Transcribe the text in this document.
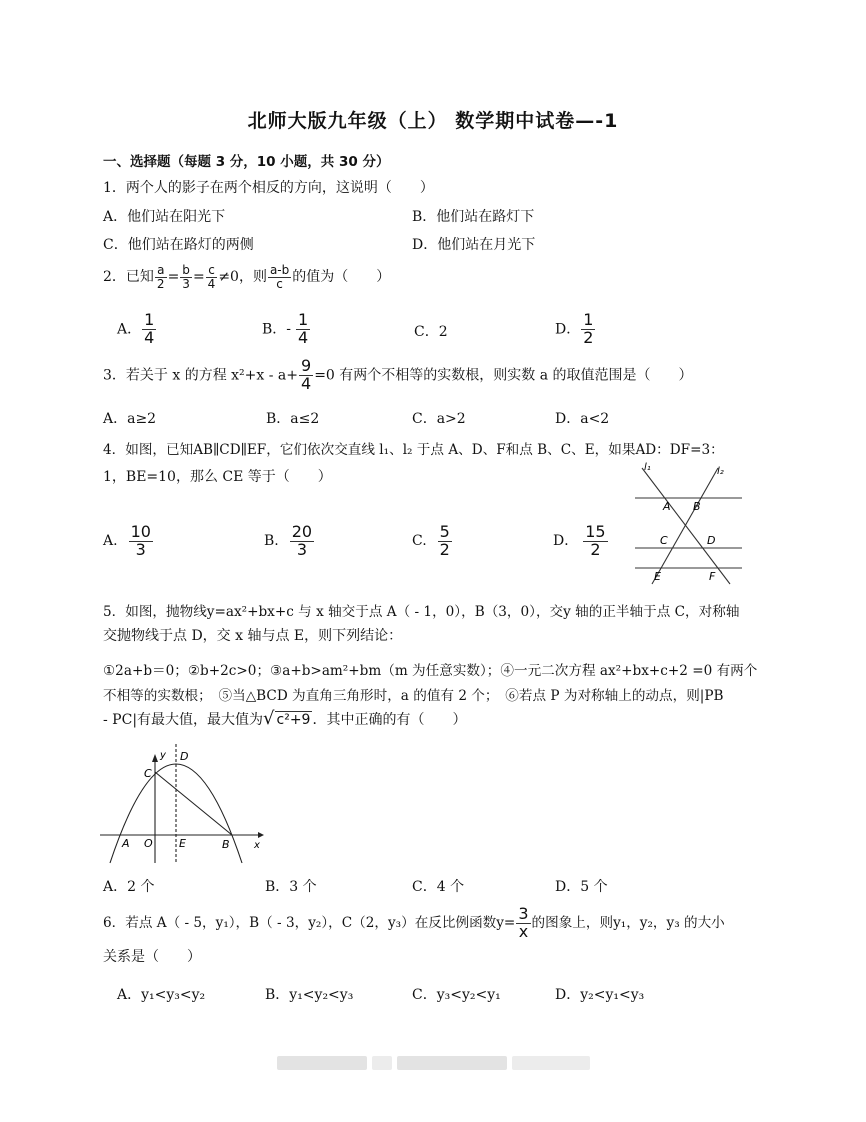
北师大版九年级（上） 数学期中试卷—-1
一、选择题（每题 3 分，10 小题，共 30 分）
1．两个人的影子在两个相反的方向，这说明（　　）
A．他们站在阳光下	B．他们站在路灯下
C．他们站在路灯的两侧	D．他们站在月光下
2．已知 $\frac{a}{2} = \frac{b}{3} = \frac{c}{4} \ne 0$，则 $\frac{a-b}{c}$ 的值为（　　）
A． $\frac{1}{4}$	B．- $\frac{1}{4}$	C．2	D． $\frac{1}{2}$
3．若关于 x 的方程 $x^2+x - a+ \frac{9}{4} =0$ 有两个不相等的实数根，则实数 a 的取值范围是（　　）
A．a≥2	B．a≤2	C．a>2	D．a<2
4．如图，已知AB∥CD∥EF，它们依次交直线 l₁、l₂ 于点 A、D、F和点 B、C、E，如果AD：DF=3：
1，BE=10，那么 CE 等于（　　）
A. $\frac{10}{3}$	B. $\frac{20}{3}$	C. $\frac{5}{2}$	D． $\frac{15}{2}$
l₁	l₂
A B
C	D
E	F
5．如图，抛物线y=ax²+bx+c 与 x 轴交于点 A（ - 1，0），B（3，0），交y 轴的正半轴于点 C，对称轴
交抛物线于点 D，交 x 轴与点 E，则下列结论：
①2a+b＝0；②b+2c>0；③a+b>am²+bm（m 为任意实数）；④一元二次方程 ax²+bx+c+2 =0 有两个
不相等的实数根；　⑤当△BCD 为直角三角形时，a 的值有 2 个；　⑥若点 P 为对称轴上的动点，则|PB
- PC|有最大值，最大值为√ c²+9 ．其中正确的有（　　）
y
x
D
C
A O E	B
A．2 个	B．3 个	C．4 个	D．5 个
6．若点 A（ - 5，y₁），B（ - 3，y₂），C（2，y₃）在反比例函数$y= \frac{3}{x}$ 的图象上，则y₁，y₂，y₃ 的大小
关系是（　　）
A．y₁<y₃<y₂	B．y₁<y₂<y₃	C．y₃<y₂<y₁	D．y₂<y₁<y₃
